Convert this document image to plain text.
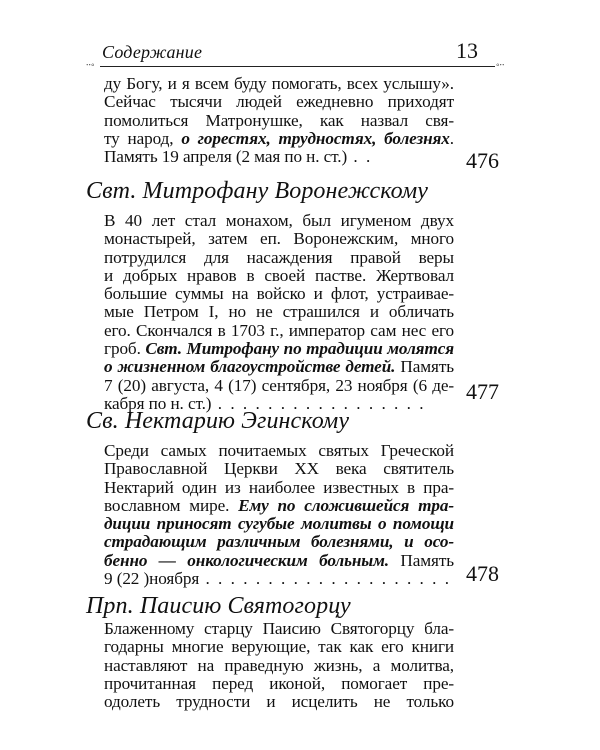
Содержание	13
∙∙◦	◦∙∙
ду Богу, и я всем буду помогать, всех услышу».
Сейчас тысячи людей ежедневно приходят
помолиться Матронушке, как назвал свя-
ту народ, о горестях, трудностях, болезнях.
Память 19 апреля (2 мая по н. ст.) . .	476
Свт. Митрофану Воронежскому
В 40 лет стал монахом, был игуменом двух
монастырей, затем еп. Воронежским, много
потрудился для насаждения правой веры
и добрых нравов в своей пастве. Жертвовал
большие суммы на войско и флот, устраивае-
мые Петром I, но не страшился и обличать
его. Скончался в 1703 г., император сам нес его
гроб. Свт. Митрофану по традиции молятся
о жизненном благоустройстве детей. Память
7 (20) августа, 4 (17) сентября, 23 ноября (6 де-
кабря по н. ст.) . . . . . . . . . . . . . . . . .	477
Св. Нектарию Эгинскому
Среди самых почитаемых святых Греческой
Православной Церкви XX века святитель
Нектарий один из наиболее известных в пра-
вославном мире. Ему по сложившейся тра-
диции приносят сугубые молитвы о помощи
страдающим различным болезнями, и осо-
бенно — онкологическим больным. Память
9 (22 )ноября . . . . . . . . . . . . . . . . . . . . 478
Прп. Паисию Святогорцу
Блаженному старцу Паисию Святогорцу бла-
годарны многие верующие, так как его книги
наставляют на праведную жизнь, а молитва,
прочитанная перед иконой, помогает пре-
одолеть трудности и исцелить не только
